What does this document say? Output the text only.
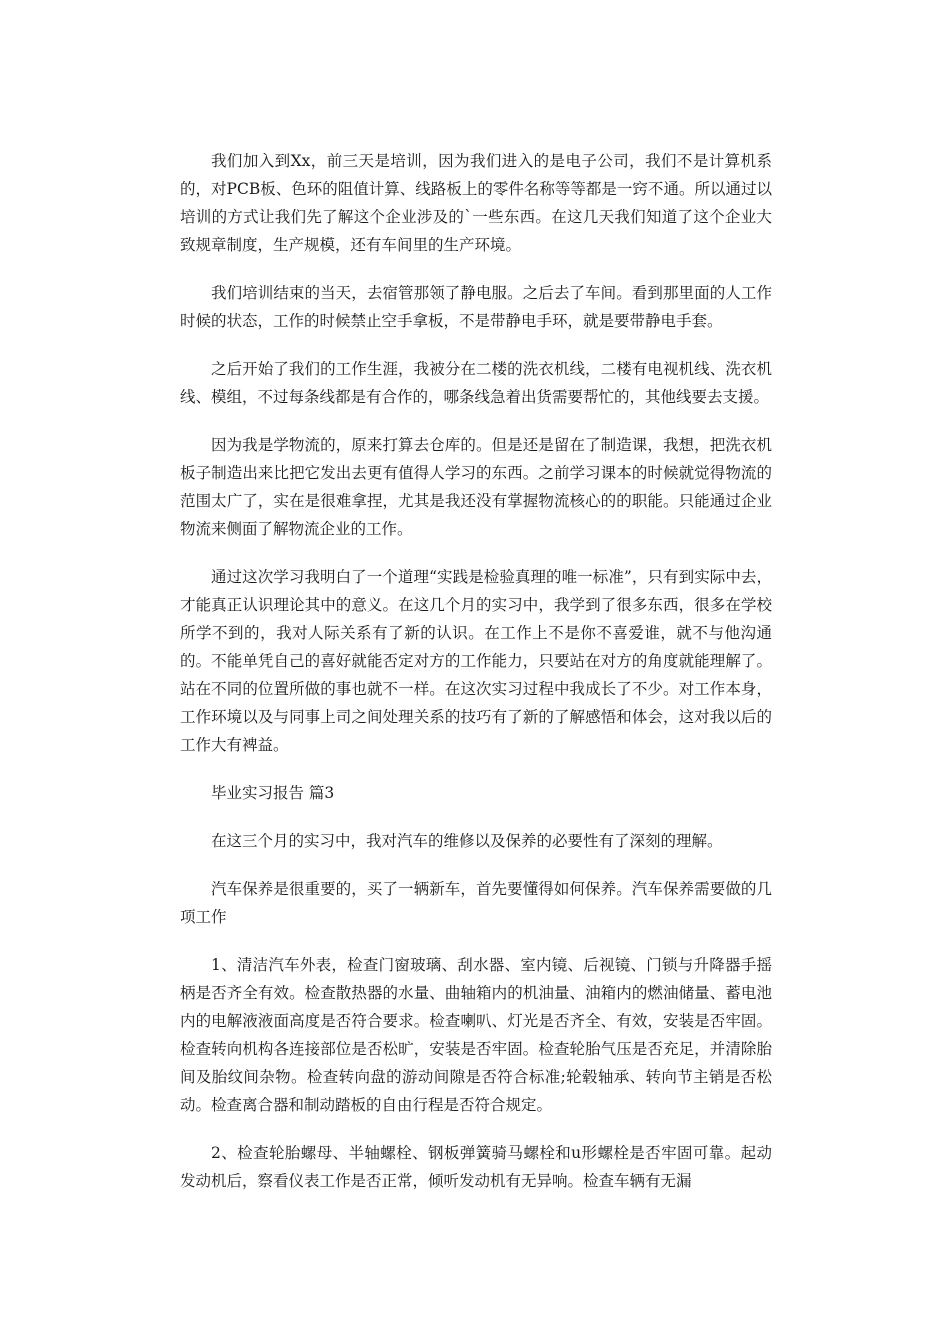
我们加入到Xx，前三天是培训，因为我们进入的是电子公司，我们不是计算机系的，对PCB板、色环的阻值计算、线路板上的零件名称等等都是一窍不通。所以通过以培训的方式让我们先了解这个企业涉及的`一些东西。在这几天我们知道了这个企业大致规章制度，生产规模，还有车间里的生产环境。

我们培训结束的当天，去宿管那领了静电服。之后去了车间。看到那里面的人工作时候的状态，工作的时候禁止空手拿板，不是带静电手环，就是要带静电手套。

之后开始了我们的工作生涯，我被分在二楼的洗衣机线，二楼有电视机线、洗衣机线、模组，不过每条线都是有合作的，哪条线急着出货需要帮忙的，其他线要去支援。

因为我是学物流的，原来打算去仓库的。但是还是留在了制造课，我想，把洗衣机板子制造出来比把它发出去更有值得人学习的东西。之前学习课本的时候就觉得物流的范围太广了，实在是很难拿捏，尤其是我还没有掌握物流核心的的职能。只能通过企业物流来侧面了解物流企业的工作。

通过这次学习我明白了一个道理“实践是检验真理的唯一标准”，只有到实际中去，才能真正认识理论其中的意义。在这几个月的实习中，我学到了很多东西，很多在学校所学不到的，我对人际关系有了新的认识。在工作上不是你不喜爱谁，就不与他沟通的。不能单凭自己的喜好就能否定对方的工作能力，只要站在对方的角度就能理解了。站在不同的位置所做的事也就不一样。在这次实习过程中我成长了不少。对工作本身，工作环境以及与同事上司之间处理关系的技巧有了新的了解感悟和体会，这对我以后的工作大有裨益。

毕业实习报告 篇3

在这三个月的实习中，我对汽车的维修以及保养的必要性有了深刻的理解。

汽车保养是很重要的，买了一辆新车，首先要懂得如何保养。汽车保养需要做的几项工作

1、清洁汽车外表，检查门窗玻璃、刮水器、室内镜、后视镜、门锁与升降器手摇柄是否齐全有效。检查散热器的水量、曲轴箱内的机油量、油箱内的燃油储量、蓄电池内的电解液液面高度是否符合要求。检查喇叭、灯光是否齐全、有效，安装是否牢固。检查转向机构各连接部位是否松旷，安装是否牢固。检查轮胎气压是否充足，并清除胎间及胎纹间杂物。检查转向盘的游动间隙是否符合标准;轮毂轴承、转向节主销是否松动。检查离合器和制动踏板的自由行程是否符合规定。

2、检查轮胎螺母、半轴螺栓、钢板弹簧骑马螺栓和u形螺栓是否牢固可靠。起动发动机后，察看仪表工作是否正常，倾听发动机有无异响。检查车辆有无漏
